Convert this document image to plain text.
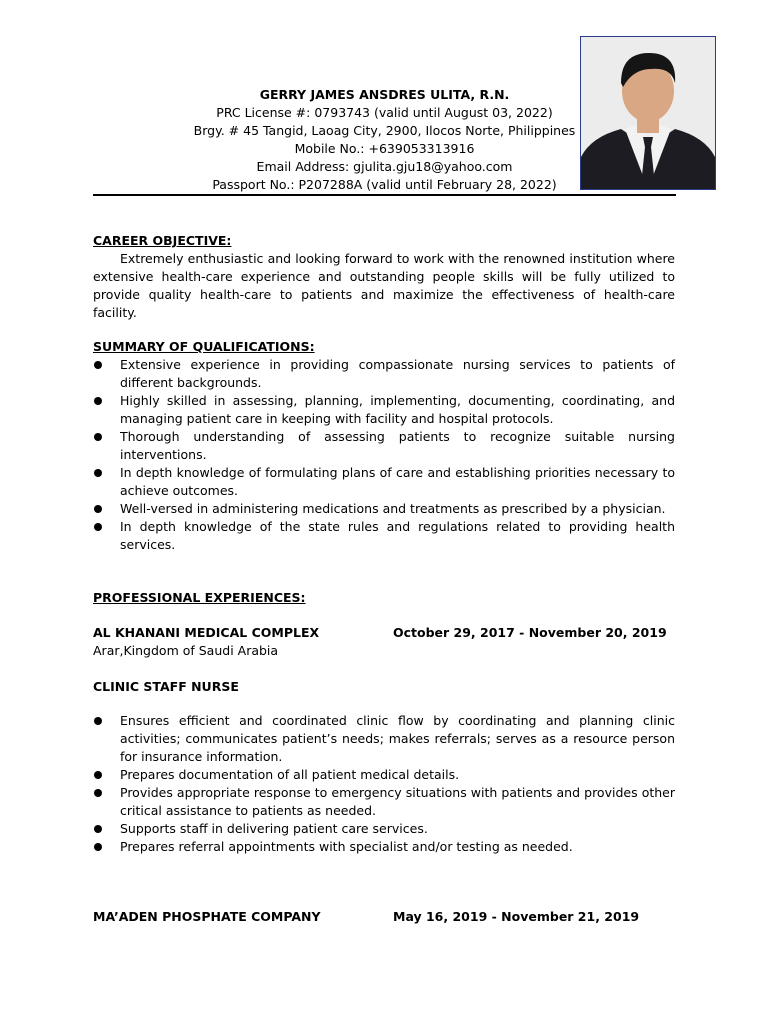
GERRY JAMES ANSDRES ULITA, R.N.
PRC License #: 0793743 (valid until August 03, 2022)
Brgy. # 45 Tangid, Laoag City, 2900, Ilocos Norte, Philippines
Mobile No.: +639053313916
Email Address: gjulita.gju18@yahoo.com
Passport No.: P207288A (valid until February 28, 2022)
CAREER OBJECTIVE:
Extremely enthusiastic and looking forward to work with the renowned institution where extensive health-care experience and outstanding people skills will be fully utilized to provide quality health-care to patients and maximize the effectiveness of health-care facility.
SUMMARY OF QUALIFICATIONS:
Extensive experience in providing compassionate nursing services to patients of different backgrounds.
Highly skilled in assessing, planning, implementing, documenting, coordinating, and managing patient care in keeping with facility and hospital protocols.
Thorough understanding of assessing patients to recognize suitable nursing interventions.
In depth knowledge of formulating plans of care and establishing priorities necessary to achieve outcomes.
Well-versed in administering medications and treatments as prescribed by a physician.
In depth knowledge of the state rules and regulations related to providing health services.
PROFESSIONAL EXPERIENCES:
AL KHANANI MEDICAL COMPLEX	October 29, 2017 - November 20, 2019
Arar,Kingdom of Saudi Arabia
CLINIC STAFF NURSE
Ensures efficient and coordinated clinic flow by coordinating and planning clinic activities; communicates patient’s needs; makes referrals; serves as a resource person for insurance information.
Prepares documentation of all patient medical details.
Provides appropriate response to emergency situations with patients and provides other critical assistance to patients as needed.
Supports staff in delivering patient care services.
Prepares referral appointments with specialist and/or testing as needed.
MA’ADEN PHOSPHATE COMPANY	May 16, 2019 - November 21, 2019
